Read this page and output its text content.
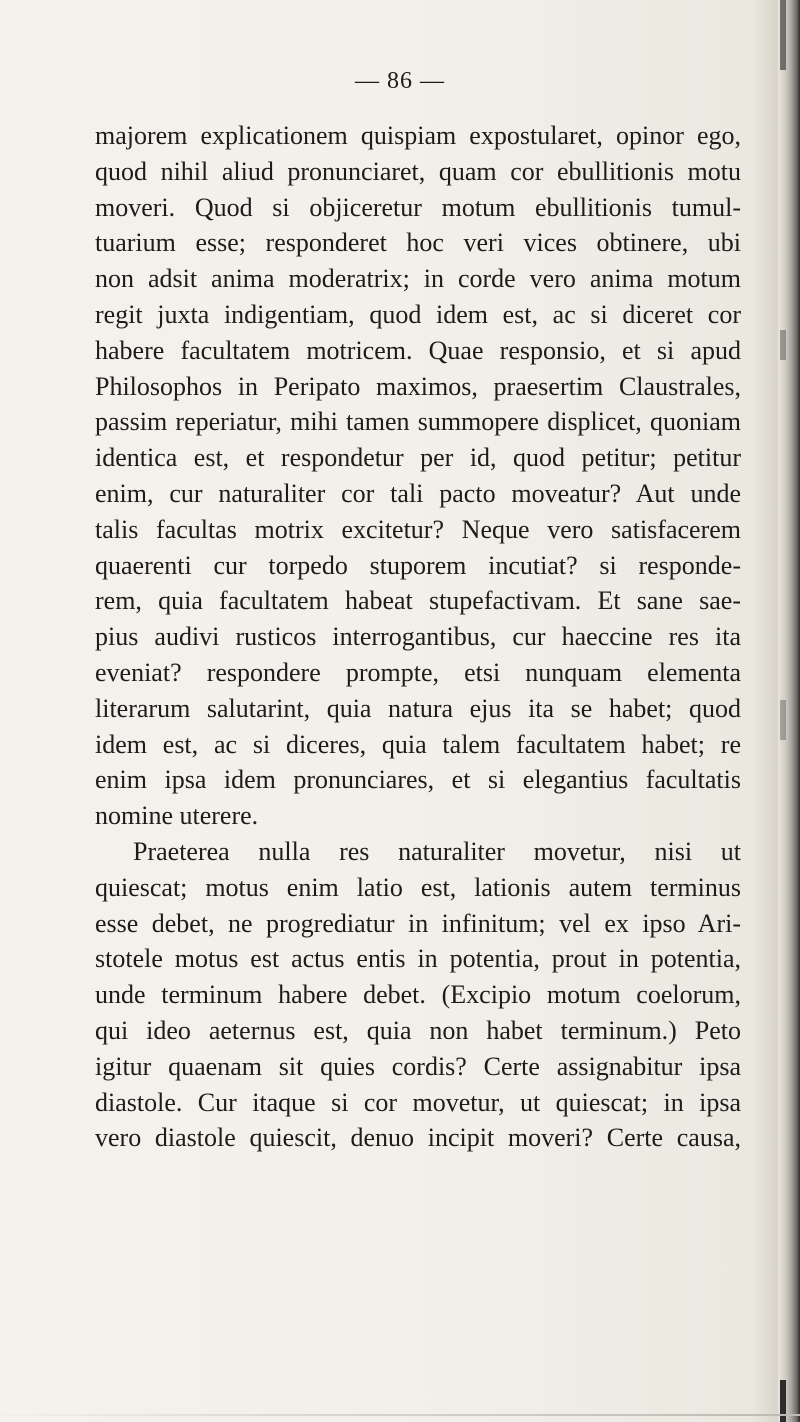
— 86 —
majorem explicationem quispiam expostularet, opinor ego,
quod nihil aliud pronunciaret, quam cor ebullitionis motu
moveri. Quod si objiceretur motum ebullitionis tumul-
tuarium esse; responderet hoc veri vices obtinere, ubi
non adsit anima moderatrix; in corde vero anima motum
regit juxta indigentiam, quod idem est, ac si diceret cor
habere facultatem motricem. Quae responsio, et si apud
Philosophos in Peripato maximos, praesertim Claustrales,
passim reperiatur, mihi tamen summopere displicet, quoniam
identica est, et respondetur per id, quod petitur; petitur
enim, cur naturaliter cor tali pacto moveatur? Aut unde
talis facultas motrix excitetur? Neque vero satisfacerem
quaerenti cur torpedo stuporem incutiat? si responde-
rem, quia facultatem habeat stupefactivam. Et sane sae-
pius audivi rusticos interrogantibus, cur haeccine res ita
eveniat? respondere prompte, etsi nunquam elementa
literarum salutarint, quia natura ejus ita se habet; quod
idem est, ac si diceres, quia talem facultatem habet; re
enim ipsa idem pronunciares, et si elegantius facultatis
nomine uterere.
Praeterea nulla res naturaliter movetur, nisi ut
quiescat; motus enim latio est, lationis autem terminus
esse debet, ne progrediatur in infinitum; vel ex ipso Ari-
stotele motus est actus entis in potentia, prout in potentia,
unde terminum habere debet. (Excipio motum coelorum,
qui ideo aeternus est, quia non habet terminum.) Peto
igitur quaenam sit quies cordis? Certe assignabitur ipsa
diastole. Cur itaque si cor movetur, ut quiescat; in ipsa
vero diastole quiescit, denuo incipit moveri? Certe causa,
